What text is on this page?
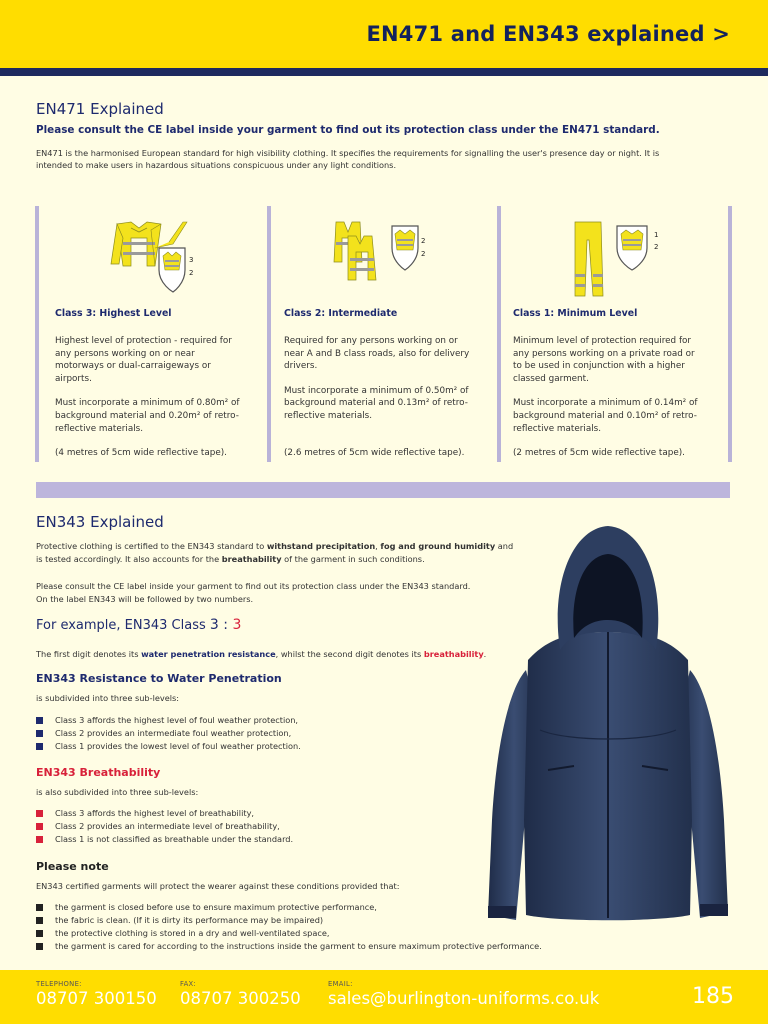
EN471 and EN343 explained >
EN471 Explained
Please consult the CE label inside your garment to find out its protection class under the EN471 standard.
EN471 is the harmonised European standard for high visibility clothing. It specifies the requirements for signalling the user's presence day or night. It is
intended to make users in hazardous situations conspicuous under any light conditions.
3
2
Class 3: Highest Level
Highest level of protection - required for
any persons working on or near
motorways or dual-carraigeways or
airports.
Must incorporate a minimum of 0.80m² of
background material and 0.20m² of retro-
reflective materials.
(4 metres of 5cm wide reflective tape).
2
2
Class 2: Intermediate
Required for any persons working on or
near A and B class roads, also for delivery
drivers.
Must incorporate a minimum of 0.50m² of
background material and 0.13m² of retro-
reflective materials.
(2.6 metres of 5cm wide reflective tape).
1
2
Class 1: Minimum Level
Minimum level of protection required for
any persons working on a private road or
to be used in conjunction with a higher
classed garment.
Must incorporate a minimum of 0.14m² of
background material and 0.10m² of retro-
reflective materials.
(2 metres of 5cm wide reflective tape).
EN343 Explained
Protective clothing is certified to the EN343 standard to withstand precipitation, fog and ground humidity and
is tested accordingly. It also accounts for the breathability of the garment in such conditions.
Please consult the CE label inside your garment to find out its protection class under the EN343 standard.
On the label EN343 will be followed by two numbers.
For example, EN343 Class 3 : 3
The first digit denotes its water penetration resistance, whilst the second digit denotes its breathability.
EN343 Resistance to Water Penetration
is subdivided into three sub-levels:
Class 3 affords the highest level of foul weather protection,
Class 2 provides an intermediate foul weather protection,
Class 1 provides the lowest level of foul weather protection.
EN343 Breathability
is also subdivided into three sub-levels:
Class 3 affords the highest level of breathability,
Class 2 provides an intermediate level of breathability,
Class 1 is not classified as breathable under the standard.
Please note
EN343 certified garments will protect the wearer against these conditions provided that:
the garment is closed before use to ensure maximum protective performance,
the fabric is clean. (If it is dirty its performance may be impaired)
the protective clothing is stored in a dry and well-ventilated space,
the garment is cared for according to the instructions inside the garment to ensure maximum protective performance.
TELEPHONE:
08707 300150
FAX:
08707 300250
EMAIL:
sales@burlington-uniforms.co.uk	185
